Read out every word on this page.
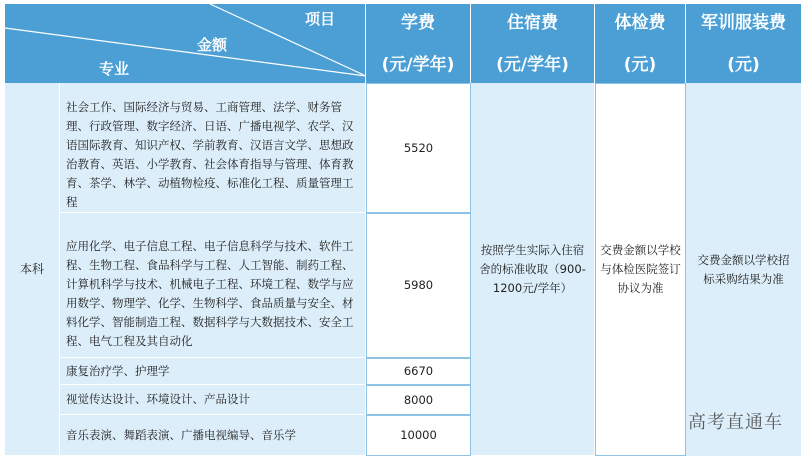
项目
金额
专业
学费
(元/学年)
住宿费
(元/学年)
体检费
(元)
军训服装费
(元)
本科
社会工作、国际经济与贸易、工商管理、法学、财务管理、行政管理、数字经济、日语、广播电视学、农学、汉语国际教育、知识产权、学前教育、汉语言文学、思想政治教育、英语、小学教育、社会体育指导与管理、体育教育、茶学、林学、动植物检疫、标准化工程、质量管理工程
应用化学、电子信息工程、电子信息科学与技术、软件工程、生物工程、食品科学与工程、人工智能、制药工程、计算机科学与技术、机械电子工程、环境工程、数学与应用数学、物理学、化学、生物科学、食品质量与安全、材料化学、智能制造工程、数据科学与大数据技术、安全工程、电气工程及其自动化
康复治疗学、护理学
视觉传达设计、环境设计、产品设计
音乐表演、舞蹈表演、广播电视编导、音乐学
5520
5980
6670
8000
10000
按照学生实际入住宿舍的标准收取（900-1200元/学年）
交费金额以学校与体检医院签订协议为准
交费金额以学校招标采购结果为准
高考直通车
